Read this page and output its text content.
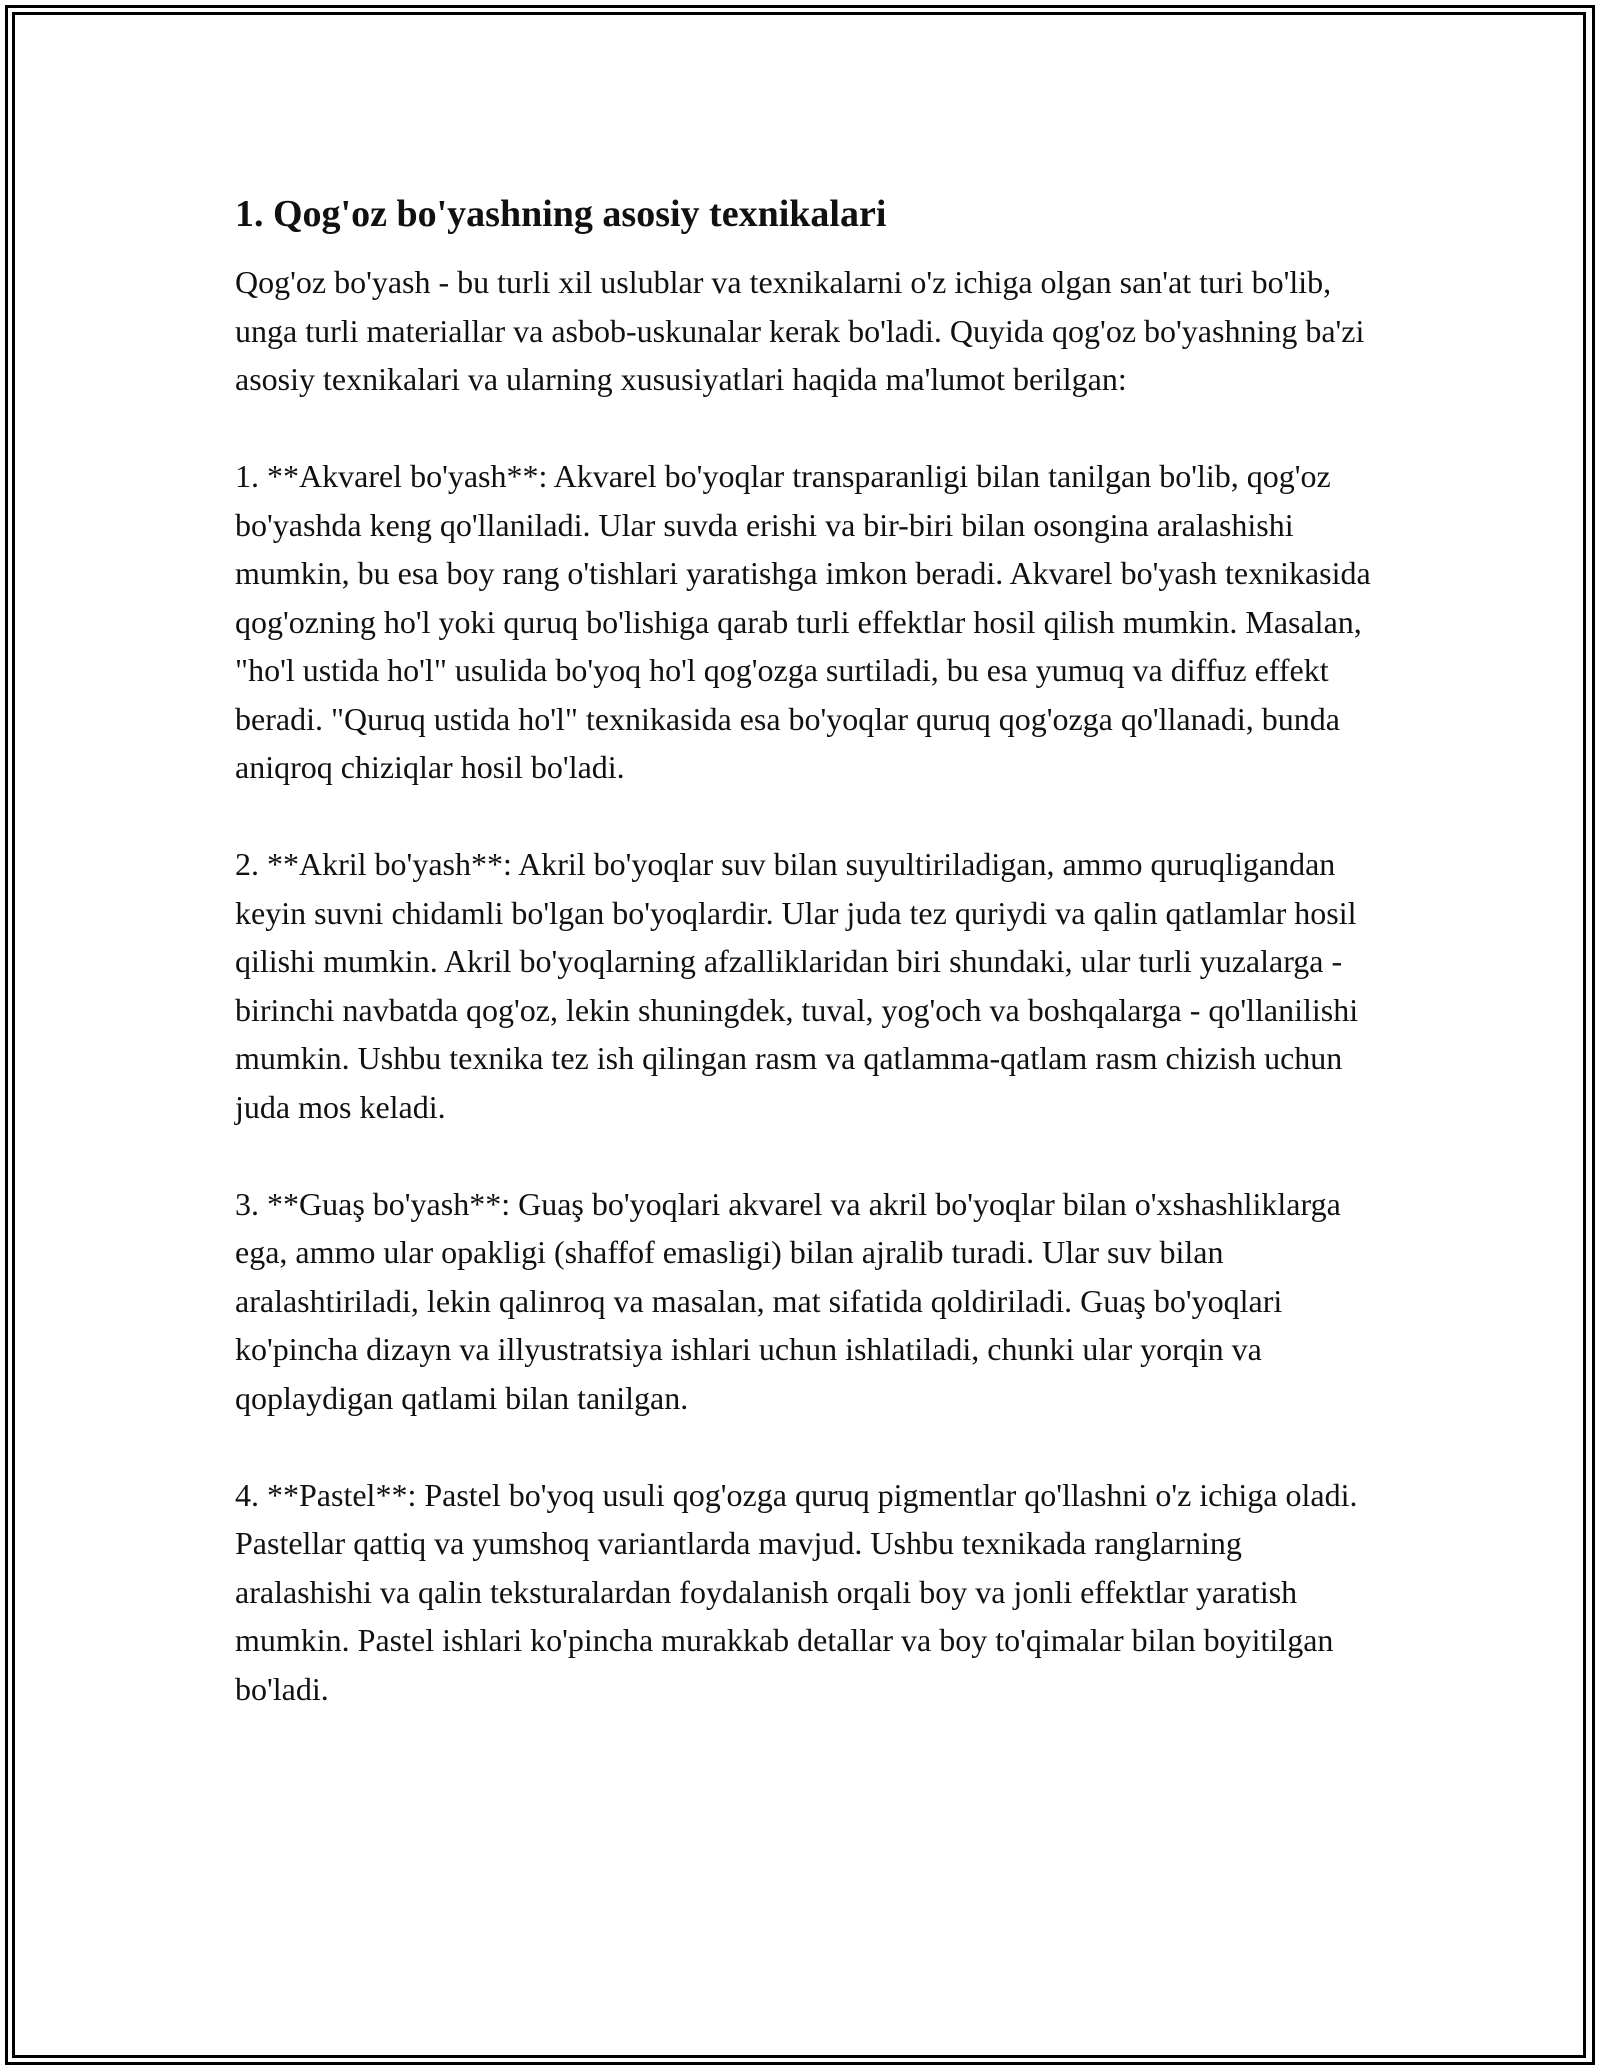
1. Qog'oz bo'yashning asosiy texnikalari

Qog'oz bo'yash - bu turli xil uslublar va texnikalarni o'z ichiga olgan san'at turi bo'lib, unga turli materiallar va asbob-uskunalar kerak bo'ladi. Quyida qog'oz bo'yashning ba'zi asosiy texnikalari va ularning xususiyatlari haqida ma'lumot berilgan:

1. **Akvarel bo'yash**: Akvarel bo'yoqlar transparanligi bilan tanilgan bo'lib, qog'oz bo'yashda keng qo'llaniladi. Ular suvda erishi va bir-biri bilan osongina aralashishi mumkin, bu esa boy rang o'tishlari yaratishga imkon beradi. Akvarel bo'yash texnikasida qog'ozning ho'l yoki quruq bo'lishiga qarab turli effektlar hosil qilish mumkin. Masalan, "ho'l ustida ho'l" usulida bo'yoq ho'l qog'ozga surtiladi, bu esa yumuq va diffuz effekt beradi. "Quruq ustida ho'l" texnikasida esa bo'yoqlar quruq qog'ozga qo'llanadi, bunda aniqroq chiziqlar hosil bo'ladi.

2. **Akril bo'yash**: Akril bo'yoqlar suv bilan suyultiriladigan, ammo quruqligandan keyin suvni chidamli bo'lgan bo'yoqlardir. Ular juda tez quriydi va qalin qatlamlar hosil qilishi mumkin. Akril bo'yoqlarning afzalliklaridan biri shundaki, ular turli yuzalarga - birinchi navbatda qog'oz, lekin shuningdek, tuval, yog'och va boshqalarga - qo'llanilishi mumkin. Ushbu texnika tez ish qilingan rasm va qatlamma-qatlam rasm chizish uchun juda mos keladi.

3. **Guaş bo'yash**: Guaş bo'yoqlari akvarel va akril bo'yoqlar bilan o'xshashliklarga ega, ammo ular opakligi (shaffof emasligi) bilan ajralib turadi. Ular suv bilan aralashtiriladi, lekin qalinroq va masalan, mat sifatida qoldiriladi. Guaş bo'yoqlari ko'pincha dizayn va illyustratsiya ishlari uchun ishlatiladi, chunki ular yorqin va qoplaydigan qatlami bilan tanilgan.

4. **Pastel**: Pastel bo'yoq usuli qog'ozga quruq pigmentlar qo'llashni o'z ichiga oladi. Pastellar qattiq va yumshoq variantlarda mavjud. Ushbu texnikada ranglarning aralashishi va qalin teksturalardan foydalanish orqali boy va jonli effektlar yaratish mumkin. Pastel ishlari ko'pincha murakkab detallar va boy to'qimalar bilan boyitilgan bo'ladi.
